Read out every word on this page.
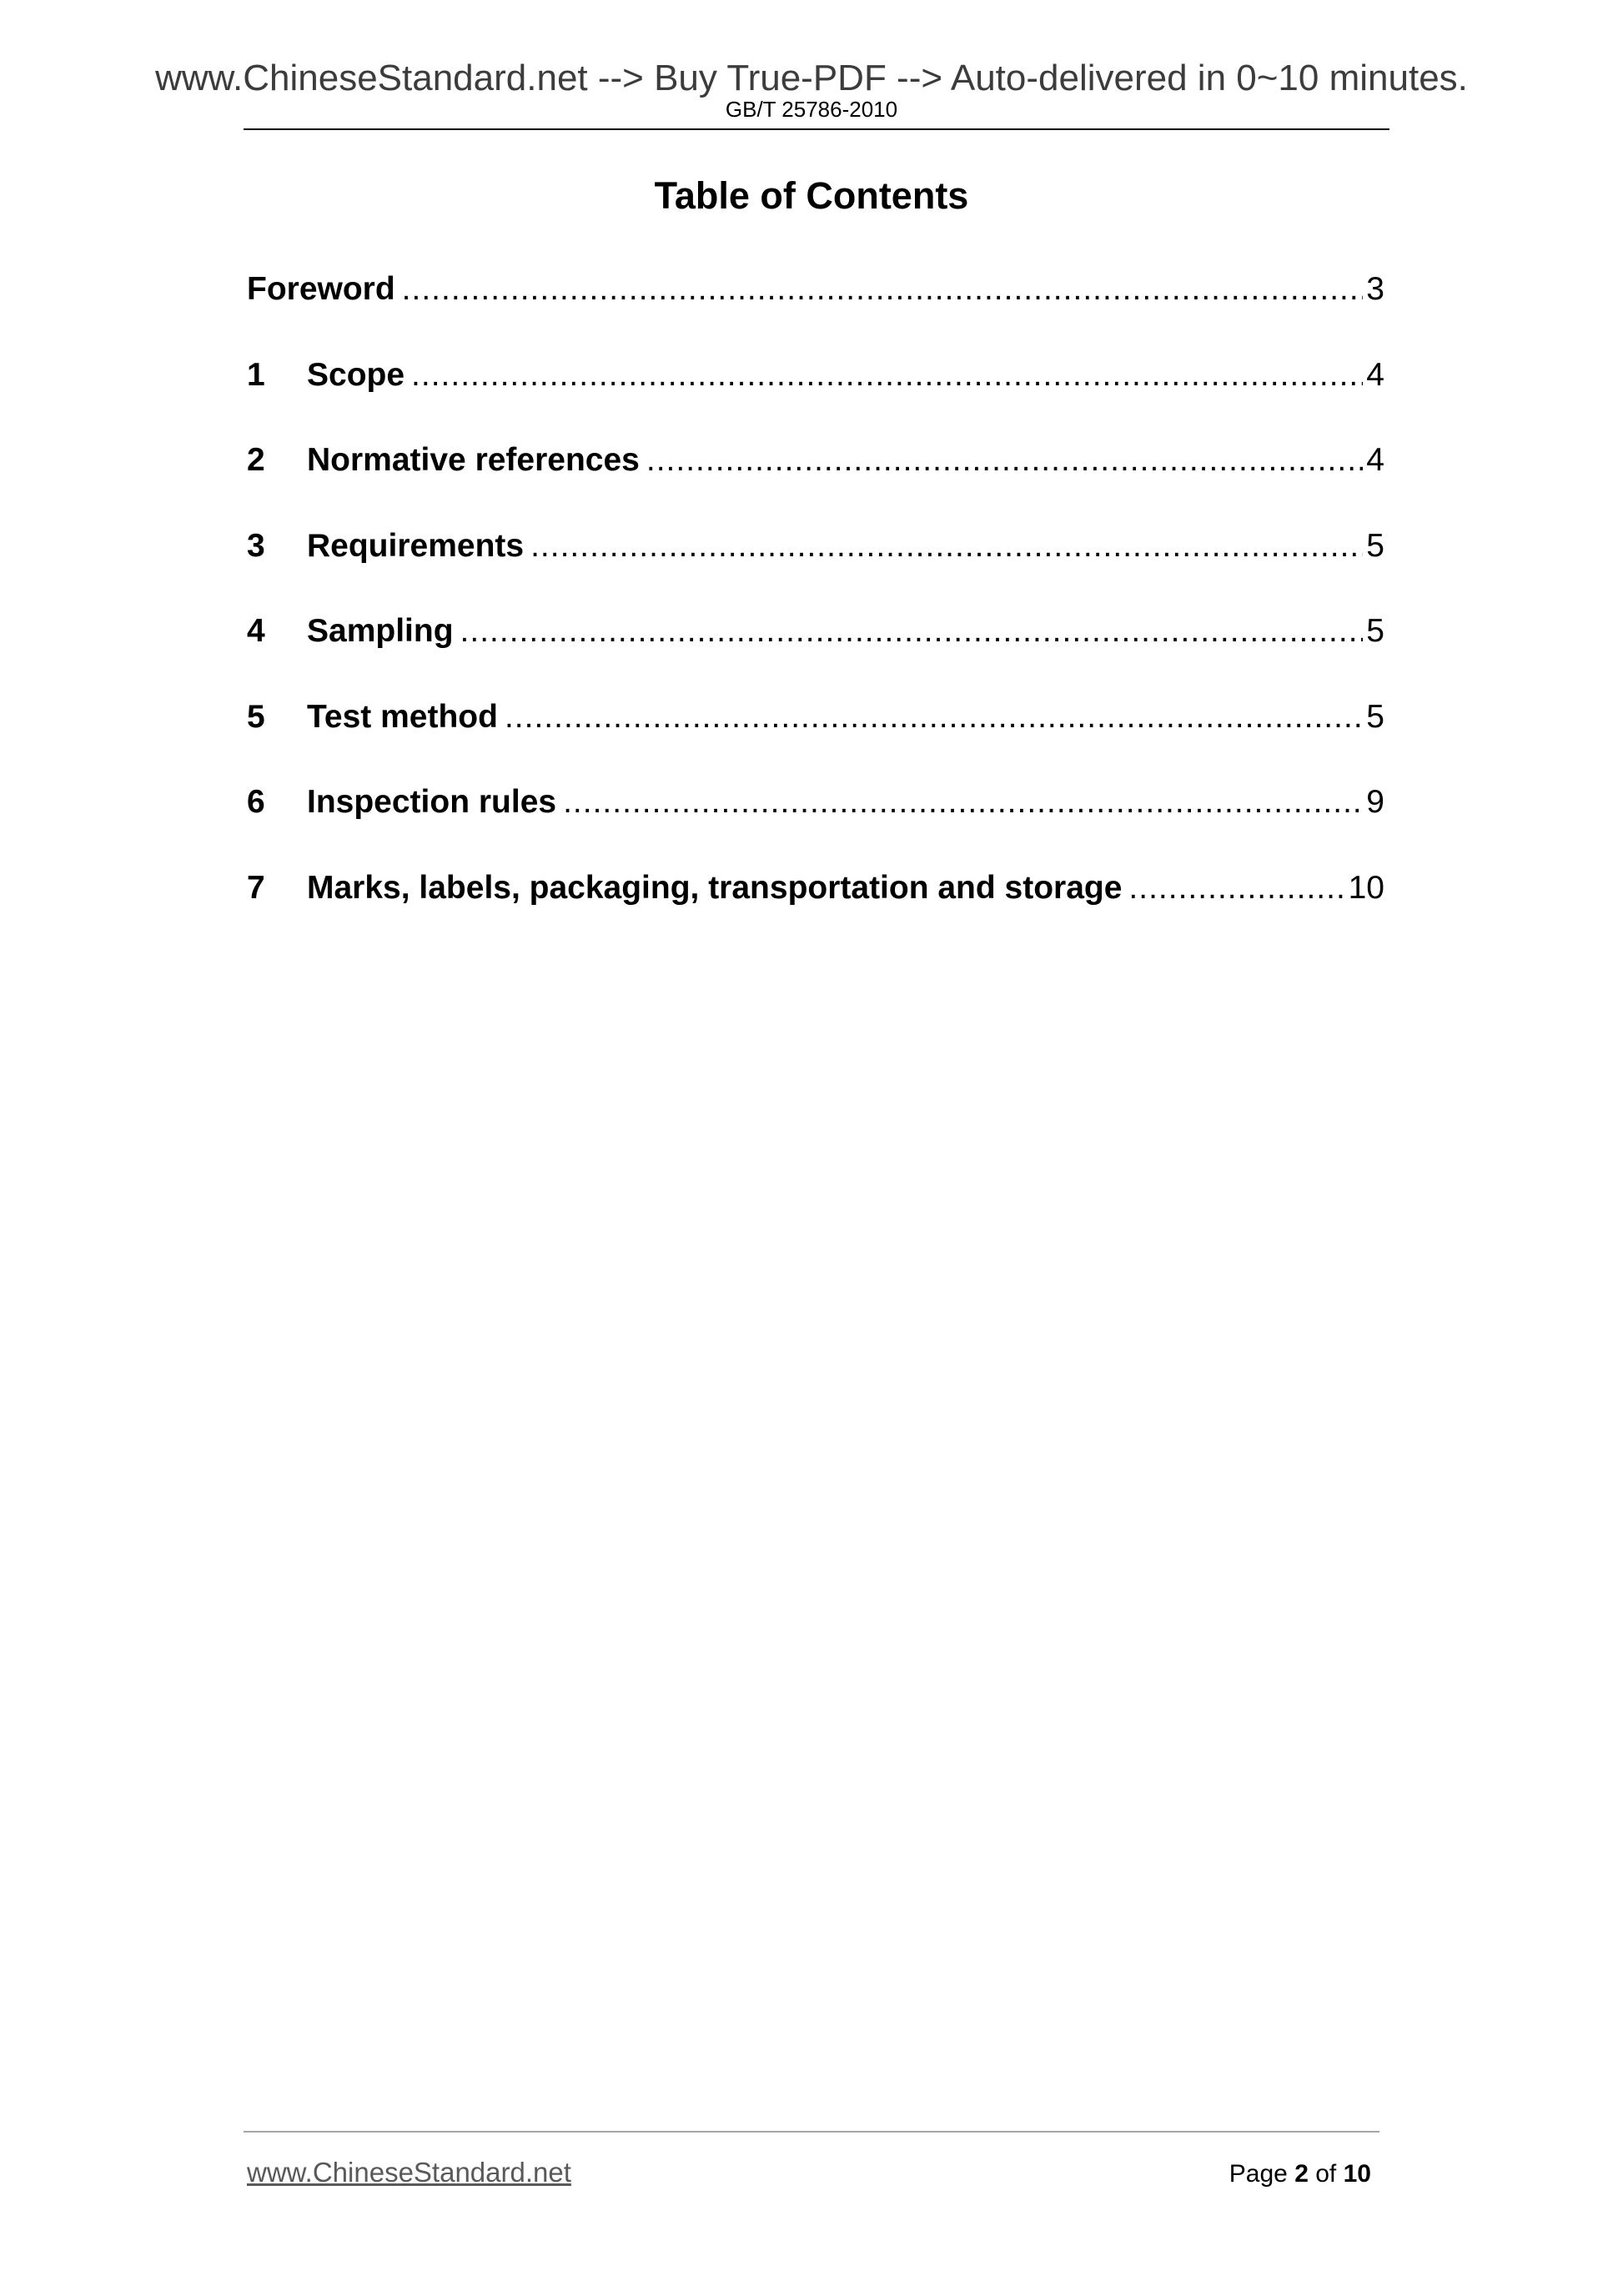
www.ChineseStandard.net --> Buy True-PDF --> Auto-delivered in 0~10 minutes.
GB/T 25786-2010
Table of Contents
Foreword .....	3
1	Scope .....	4
2	Normative references .....	4
3	Requirements .....	5
4	Sampling .....	5
5	Test method .....	5
6	Inspection rules .....	9
7	Marks, labels, packaging, transportation and storage .....	10
www.ChineseStandard.net	Page 2 of 10
